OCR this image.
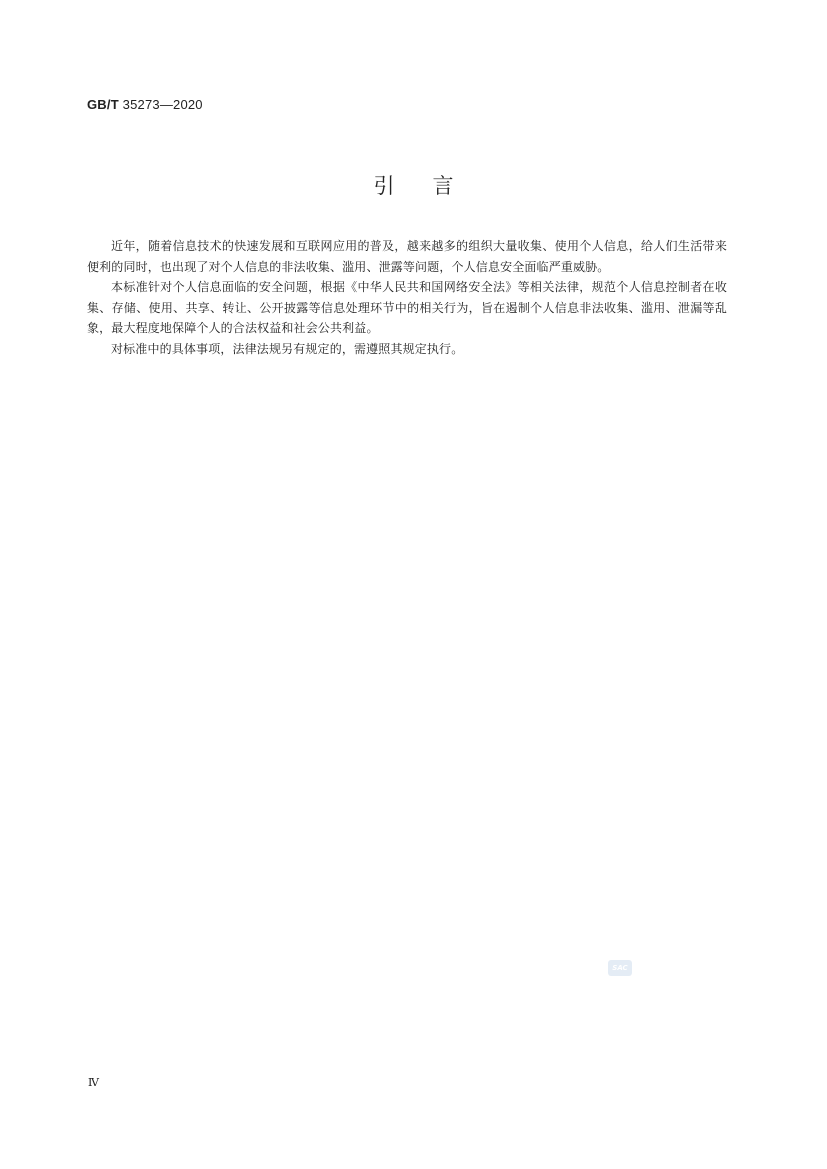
GB/T 35273—2020
引言

近年，随着信息技术的快速发展和互联网应用的普及，越来越多的组织大量收集、使用个人信息，给人们生活带来便利的同时，也出现了对个人信息的非法收集、滥用、泄露等问题，个人信息安全面临严重威胁。

本标准针对个人信息面临的安全问题，根据《中华人民共和国网络安全法》等相关法律，规范个人信息控制者在收集、存储、使用、共享、转让、公开披露等信息处理环节中的相关行为，旨在遏制个人信息非法收集、滥用、泄漏等乱象，最大程度地保障个人的合法权益和社会公共利益。

对标准中的具体事项，法律法规另有规定的，需遵照其规定执行。

SAC
Ⅳ
